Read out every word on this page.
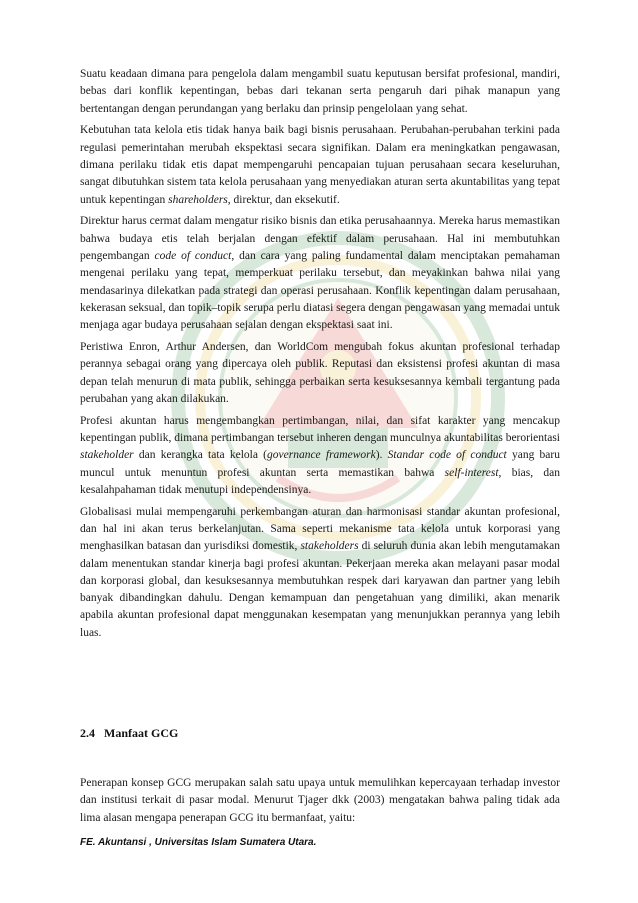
Suatu keadaan dimana para pengelola dalam mengambil suatu keputusan bersifat profesional, mandiri, bebas dari konflik kepentingan, bebas dari tekanan serta pengaruh dari pihak manapun yang bertentangan dengan perundangan yang berlaku dan prinsip pengelolaan yang sehat.

Kebutuhan tata kelola etis tidak hanya baik bagi bisnis perusahaan. Perubahan-perubahan terkini pada regulasi pemerintahan merubah ekspektasi secara signifikan. Dalam era meningkatkan pengawasan, dimana perilaku tidak etis dapat mempengaruhi pencapaian tujuan perusahaan secara keseluruhan, sangat dibutuhkan sistem tata kelola perusahaan yang menyediakan aturan serta akuntabilitas yang tepat untuk kepentingan shareholders, direktur, dan eksekutif.

Direktur harus cermat dalam mengatur risiko bisnis dan etika perusahaannya. Mereka harus memastikan bahwa budaya etis telah berjalan dengan efektif dalam perusahaan. Hal ini membutuhkan pengembangan code of conduct, dan cara yang paling fundamental dalam menciptakan pemahaman mengenai perilaku yang tepat, memperkuat perilaku tersebut, dan meyakinkan bahwa nilai yang mendasarinya dilekatkan pada strategi dan operasi perusahaan. Konflik kepentingan dalam perusahaan, kekerasan seksual, dan topik–topik serupa perlu diatasi segera dengan pengawasan yang memadai untuk menjaga agar budaya perusahaan sejalan dengan ekspektasi saat ini.

Peristiwa Enron, Arthur Andersen, dan WorldCom mengubah fokus akuntan profesional terhadap perannya sebagai orang yang dipercaya oleh publik. Reputasi dan eksistensi profesi akuntan di masa depan telah menurun di mata publik, sehingga perbaikan serta kesuksesannya kembali tergantung pada perubahan yang akan dilakukan.

Profesi akuntan harus mengembangkan pertimbangan, nilai, dan sifat karakter yang mencakup kepentingan publik, dimana pertimbangan tersebut inheren dengan munculnya akuntabilitas berorientasi stakeholder dan kerangka tata kelola (governance framework). Standar code of conduct yang baru muncul untuk menuntun profesi akuntan serta memastikan bahwa self-interest, bias, dan kesalahpahaman tidak menutupi independensinya.

Globalisasi mulai mempengaruhi perkembangan aturan dan harmonisasi standar akuntan profesional, dan hal ini akan terus berkelanjutan. Sama seperti mekanisme tata kelola untuk korporasi yang menghasilkan batasan dan yurisdiksi domestik, stakeholders di seluruh dunia akan lebih mengutamakan dalam menentukan standar kinerja bagi profesi akuntan. Pekerjaan mereka akan melayani pasar modal dan korporasi global, dan kesuksesannya membutuhkan respek dari karyawan dan partner yang lebih banyak dibandingkan dahulu. Dengan kemampuan dan pengetahuan yang dimiliki, akan menarik apabila akuntan profesional dapat menggunakan kesempatan yang menunjukkan perannya yang lebih luas.

2.4 Manfaat GCG
Penerapan konsep GCG merupakan salah satu upaya untuk memulihkan kepercayaan terhadap investor dan institusi terkait di pasar modal. Menurut Tjager dkk (2003) mengatakan bahwa paling tidak ada lima alasan mengapa penerapan GCG itu bermanfaat, yaitu:
FE. Akuntansi , Universitas Islam Sumatera Utara.
